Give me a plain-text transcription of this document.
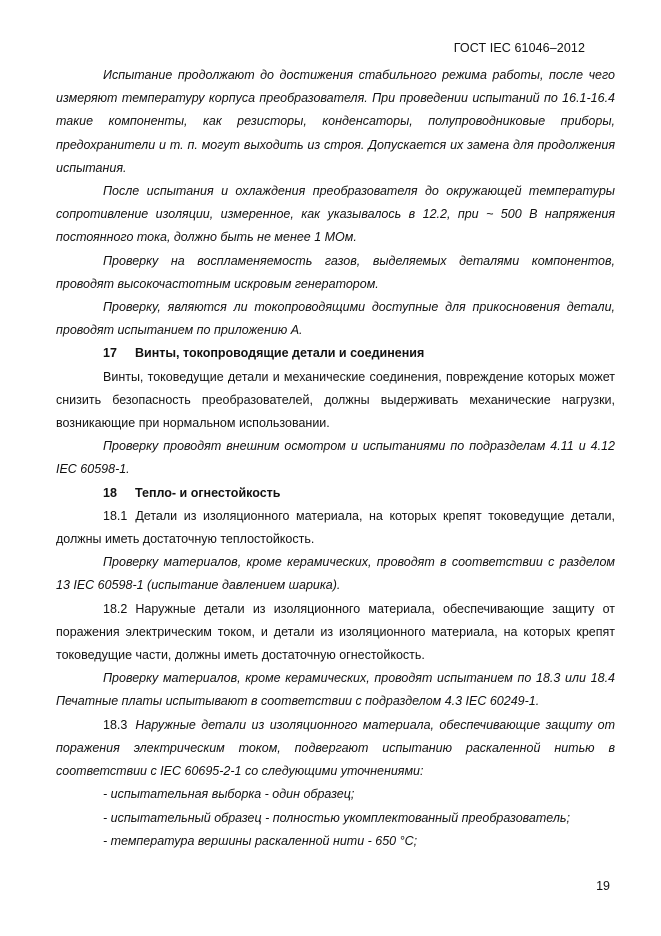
ГОСТ IEC 61046–2012

Испытание продолжают до достижения стабильного режима работы, после чего измеряют температуру корпуса преобразователя. При проведении испытаний по 16.1-16.4 такие компоненты, как резисторы, конденсаторы, полупроводниковые приборы, предохранители и т. п. могут выходить из строя. Допускается их замена для продолжения испытания.

После испытания и охлаждения преобразователя до окружающей температуры сопротивление изоляции, измеренное, как указывалось в 12.2, при ~ 500 В напряжения постоянного тока, должно быть не менее 1 МОм.

Проверку на воспламеняемость газов, выделяемых деталями компонентов, проводят высокочастотным искровым генератором.

Проверку, являются ли токопроводящими доступные для прикосновения детали, проводят испытанием по приложению А.

17 Винты, токопроводящие детали и соединения

Винты, токоведущие детали и механические соединения, повреждение которых может снизить безопасность преобразователей, должны выдерживать механические нагрузки, возникающие при нормальном использовании.

Проверку проводят внешним осмотром и испытаниями по подразделам 4.11 и 4.12 IEC 60598-1.

18 Тепло- и огнестойкость

18.1 Детали из изоляционного материала, на которых крепят токоведущие детали, должны иметь достаточную теплостойкость.

Проверку материалов, кроме керамических, проводят в соответствии с разделом 13 IEC 60598-1 (испытание давлением шарика).

18.2 Наружные детали из изоляционного материала, обеспечивающие защиту от поражения электрическим током, и детали из изоляционного материала, на которых крепят токоведущие части, должны иметь достаточную огнестойкость.

Проверку материалов, кроме керамических, проводят испытанием по 18.3 или 18.4 Печатные платы испытывают в соответствии с подразделом 4.3 IEC 60249-1.

18.3 Наружные детали из изоляционного материала, обеспечивающие защиту от поражения электрическим током, подвергают испытанию раскаленной нитью в соответствии с IEC 60695-2-1 со следующими уточнениями:

- испытательная выборка - один образец;

- испытательный образец - полностью укомплектованный преобразователь;

- температура вершины раскаленной нити - 650 °С;

19
